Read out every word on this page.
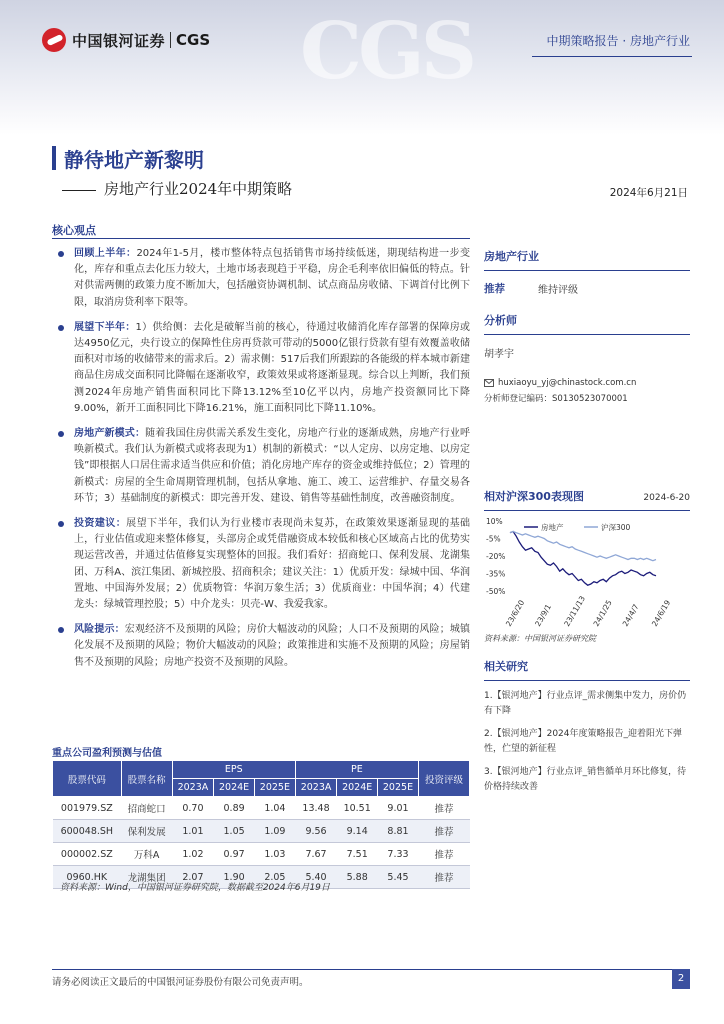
CGS
中国银河证券 CGS	中期策略报告 · 房地产行业
静待地产新黎明
房地产行业2024年中期策略	2024年6月21日
核心观点
回顾上半年：2024年1-5月，楼市整体特点包括销售市场持续低迷，期现结构进一步变化，库存和重点去化压力较大，土地市场表现趋于平稳，房企毛利率依旧偏低的特点。针对供需两侧的政策力度不断加大，包括融资协调机制、试点商品房收储、下调首付比例下限，取消房贷利率下限等。
展望下半年：1）供给侧：去化是破解当前的核心，待通过收储消化库存部署的保障房或达4950亿元，央行设立的保障性住房再贷款可带动的5000亿银行贷款有望有效覆盖收储面积对市场的收储带来的需求后。2）需求侧：517后我们所跟踪的各能级的样本城市新建商品住房成交面积同比降幅在逐渐收窄，政策效果或将逐渐显现。综合以上判断，我们预测2024年房地产销售面积同比下降13.12%至10亿平以内，房地产投资额同比下降9.00%，新开工面积同比下降16.21%，施工面积同比下降11.10%。
房地产新模式：随着我国住房供需关系发生变化，房地产行业的逐渐成熟，房地产行业呼唤新模式。我们认为新模式或将表现为1）机制的新模式：“以人定房、以房定地、以房定钱”即根据人口居住需求适当供应和价值；消化房地产库存的资金或维持低位；2）管理的新模式：房屋的全生命周期管理机制，包括从拿地、施工、竣工、运营维护、存量交易各环节；3）基础制度的新模式：即完善开发、建设、销售等基础性制度，改善融资制度。
投资建议：展望下半年，我们认为行业楼市表现尚未复苏，在政策效果逐渐显现的基础上，行业估值或迎来整体修复，头部房企或凭借融资成本较低和核心区域高占比的优势实现运营改善，并通过估值修复实现整体的回报。我们看好：招商蛇口、保利发展、龙湖集团、万科A、滨江集团、新城控股、招商积余；建议关注：1）优质开发：绿城中国、华润置地、中国海外发展；2）优质物管：华润万象生活；3）优质商业：中国华润；4）代建龙头：绿城管理控股；5）中介龙头：贝壳-W、我爱我家。
风险提示：宏观经济不及预期的风险；房价大幅波动的风险；人口不及预期的风险；城镇化发展不及预期的风险；物价大幅波动的风险；政策推进和实施不及预期的风险；房屋销售不及预期的风险；房地产投资不及预期的风险。
重点公司盈利预测与估值
股票代码	股票名称	EPS			PE			投资评级
		2023A	2024E	2025E	2023A	2024E	2025E	
001979.SZ	招商蛇口	0.70	0.89	1.04	13.48	10.51	9.01	推荐
600048.SH	保利发展	1.01	1.05	1.09	9.56	9.14	8.81	推荐
000002.SZ	万科A	1.02	0.97	1.03	7.67	7.51	7.33	推荐
0960.HK	龙湖集团	2.07	1.90	2.05	5.40	5.88	5.45	推荐
资料来源：Wind，中国银河证券研究院，数据截至2024年6月19日
房地产行业
推荐	维持评级
分析师
胡孝宇
huxiaoyu_yj@chinastock.com.cn
分析师登记编码：S0130523070001
相对沪深300表现图	2024-6-20
10%
-5%
-20%
-35%
-50%
房地产	沪深300
23/6/20 23/9/1 23/11/13 24/1/25 24/4/7 24/6/19
资料来源：中国银河证券研究院
相关研究
1.【银河地产】行业点评_需求侧集中发力，房价仍有下降
2.【银河地产】2024年度策略报告_迎着阳光下弹性，伫望的新征程
3.【银河地产】行业点评_销售循单月环比修复，待价格持续改善
请务必阅读正文最后的中国银河证券股份有限公司免责声明。	2
